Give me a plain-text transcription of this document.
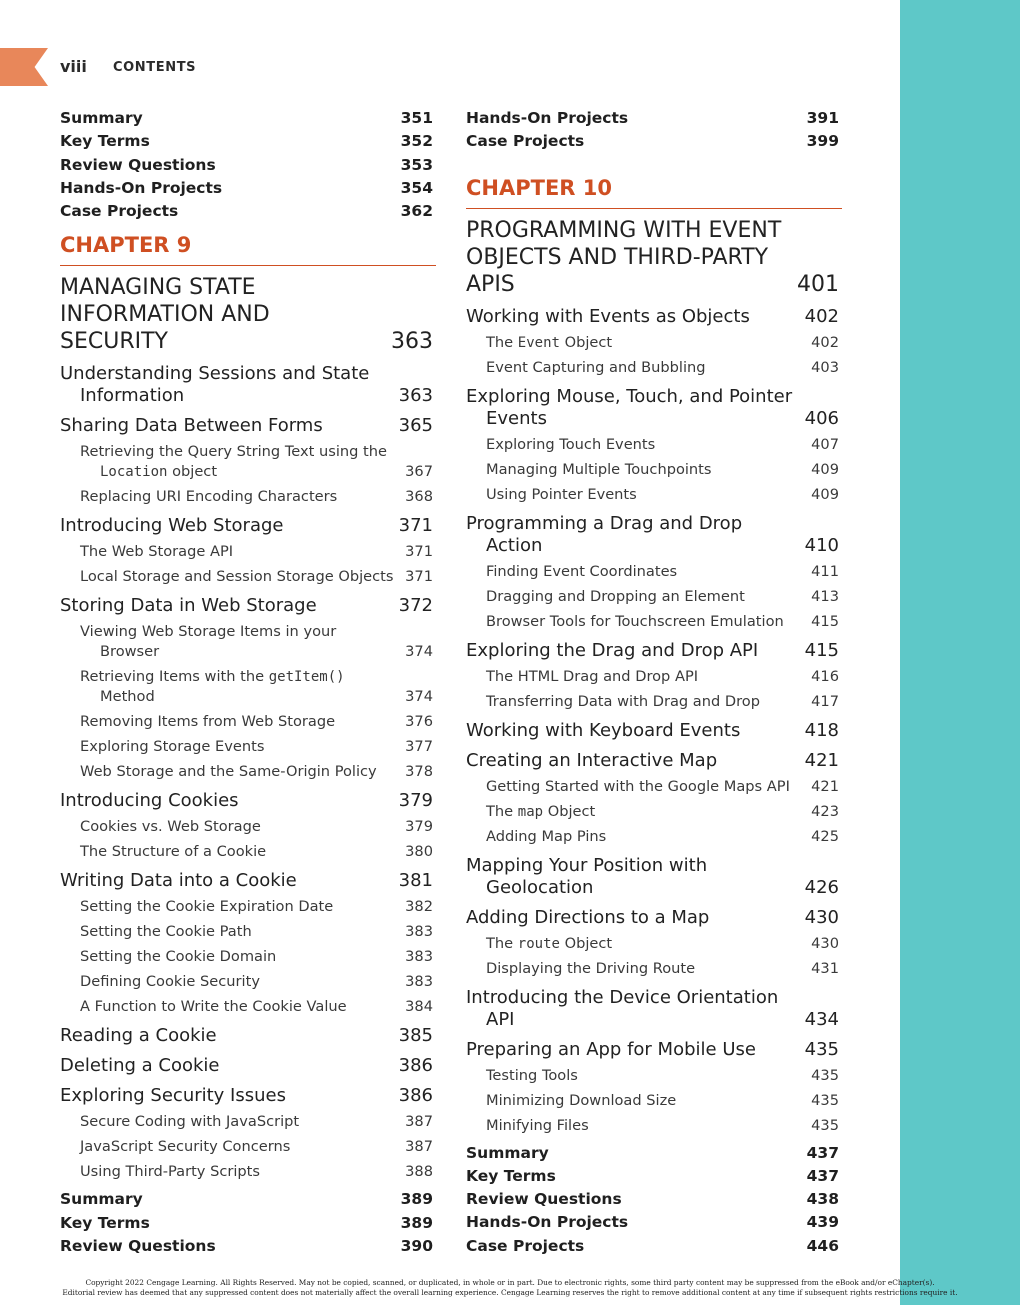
viii CONTENTS
Summary	351
Key Terms	352
Review Questions	353
Hands-On Projects	354
Case Projects	362
CHAPTER 9
MANAGING STATE
INFORMATION AND SECURITY	363
Understanding Sessions and State Information	363
Sharing Data Between Forms	365
Retrieving the Query String Text using the
Location object	367
Replacing URI Encoding Characters	368
Introducing Web Storage	371
The Web Storage API	371
Local Storage and Session Storage Objects 371
Storing Data in Web Storage	372
Viewing Web Storage Items in your Browser	374
Retrieving Items with the getItem() Method	374
Removing Items from Web Storage	376
Exploring Storage Events	377
Web Storage and the Same-Origin Policy	378
Introducing Cookies	379
Cookies vs. Web Storage	379
The Structure of a Cookie	380
Writing Data into a Cookie	381
Setting the Cookie Expiration Date	382
Setting the Cookie Path	383
Setting the Cookie Domain	383
Defining Cookie Security	383
A Function to Write the Cookie Value	384
Reading a Cookie	385
Deleting a Cookie	386
Exploring Security Issues	386
Secure Coding with JavaScript	387
JavaScript Security Concerns	387
Using Third-Party Scripts	388
Summary	389
Key Terms	389
Review Questions	390
Hands-On Projects	391
Case Projects	399
CHAPTER 10
PROGRAMMING WITH EVENT
OBJECTS AND THIRD-PARTY
APIS	401
Working with Events as Objects	402
The Event Object	402
Event Capturing and Bubbling	403
Exploring Mouse, Touch, and Pointer Events	406
Exploring Touch Events	407
Managing Multiple Touchpoints	409
Using Pointer Events	409
Programming a Drag and Drop Action	410
Finding Event Coordinates	411
Dragging and Dropping an Element	413
Browser Tools for Touchscreen Emulation	415
Exploring the Drag and Drop API	415
The HTML Drag and Drop API	416
Transferring Data with Drag and Drop	417
Working with Keyboard Events	418
Creating an Interactive Map	421
Getting Started with the Google Maps API	421
The map Object	423
Adding Map Pins	425
Mapping Your Position with Geolocation	426
Adding Directions to a Map	430
The route Object	430
Displaying the Driving Route	431
Introducing the Device Orientation API	434
Preparing an App for Mobile Use	435
Testing Tools	435
Minimizing Download Size	435
Minifying Files	435
Summary	437
Key Terms	437
Review Questions	438
Hands-On Projects	439
Case Projects	446
Copyright 2022 Cengage Learning. All Rights Reserved. May not be copied, scanned, or duplicated, in whole or in part. Due to electronic rights, some third party content may be suppressed from the eBook and/or eChapter(s).
Editorial review has deemed that any suppressed content does not materially affect the overall learning experience. Cengage Learning reserves the right to remove additional content at any time if subsequent rights restrictions require it.
